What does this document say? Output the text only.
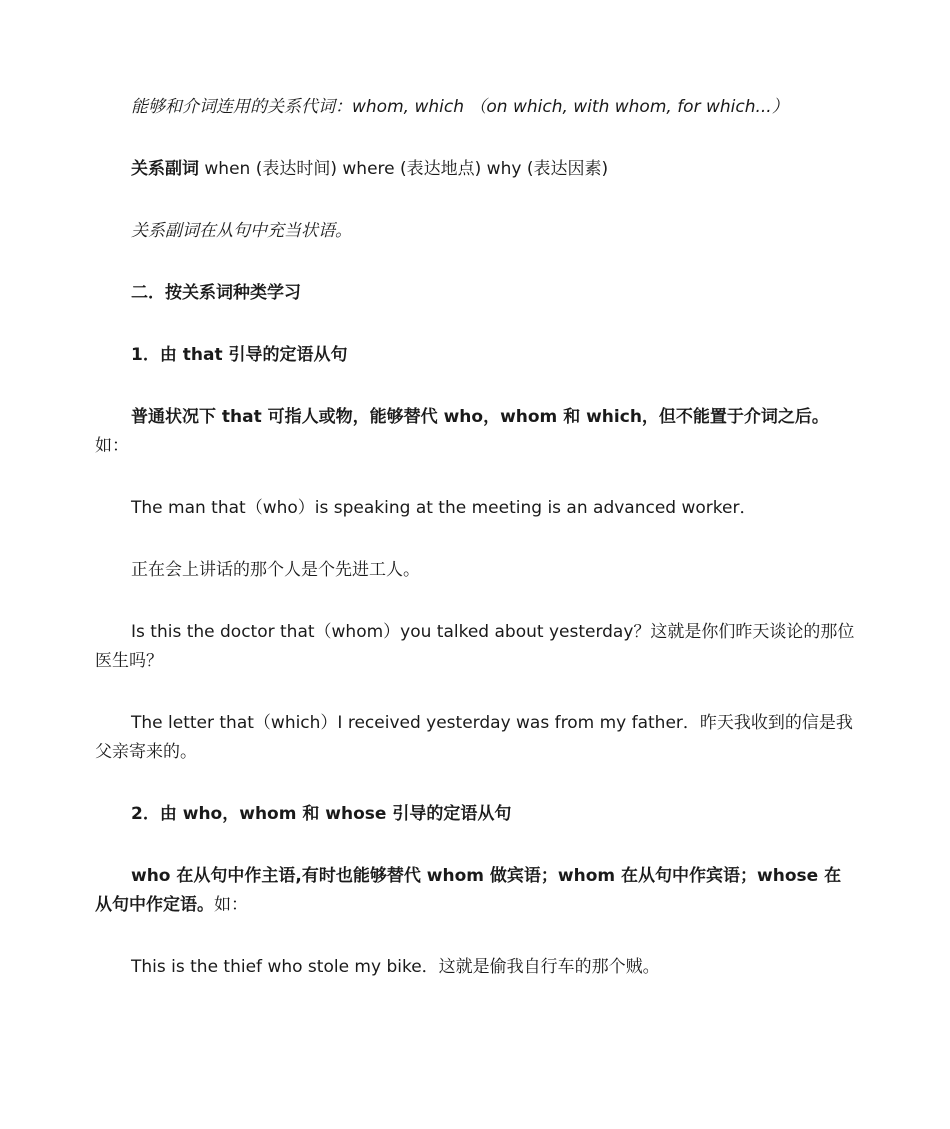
能够和介词连用的关系代词：whom, which （on which, with whom, for which...）

关系副词 when (表达时间) where (表达地点) why (表达因素)

关系副词在从句中充当状语。

二．按关系词种类学习

1．由 that 引导的定语从句

普通状况下 that 可指人或物，能够替代 who，whom 和 which，但不能置于介词之后。如：

The man that（who）is speaking at the meeting is an advanced worker．

正在会上讲话的那个人是个先进工人。

Is this the doctor that（whom）you talked about yesterday？这就是你们昨天谈论的那位医生吗？

The letter that（which）I received yesterday was from my father．昨天我收到的信是我父亲寄来的。

2．由 who，whom 和 whose 引导的定语从句

who 在从句中作主语,有时也能够替代 whom 做宾语；whom 在从句中作宾语；whose 在从句中作定语。如：

This is the thief who stole my bike．这就是偷我自行车的那个贼。
